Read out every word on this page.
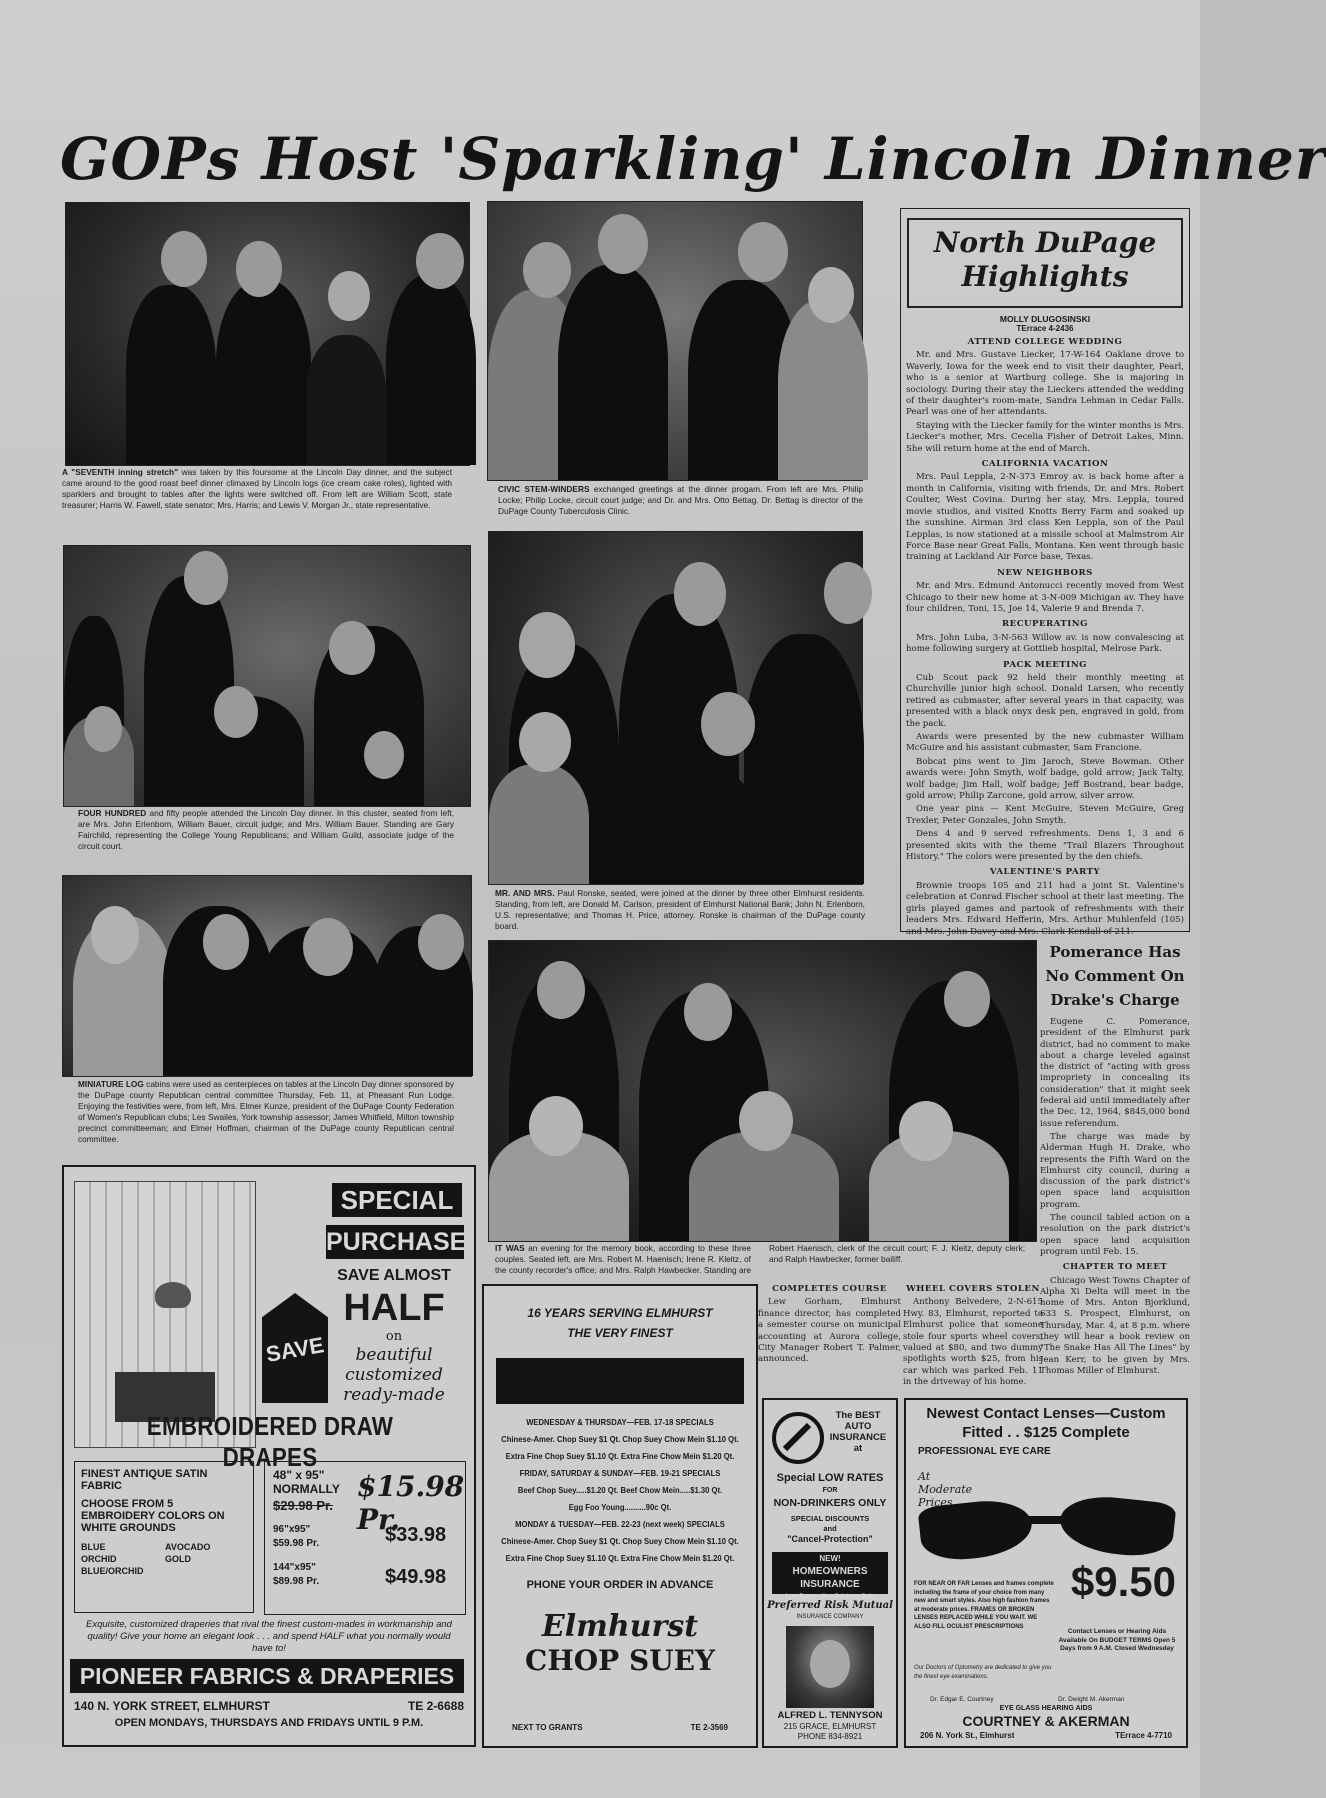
GOPs Host 'Sparkling' Lincoln Dinner
A "SEVENTH inning stretch" was taken by this foursome at the Lincoln Day dinner, and the subject came around to the good roast beef dinner climaxed by Lincoln logs (ice cream cake roles), lighted with sparklers and brought to tables after the lights were switched off. From left are William Scott, state treasurer; Harris W. Fawell, state senator; Mrs. Harris; and Lewis V. Morgan Jr., state representative.
CIVIC STEM-WINDERS exchanged greetings at the dinner progam. From left are Mrs. Philip Locke; Philip Locke, circuit court judge; and Dr. and Mrs. Otto Bettag. Dr. Bettag is director of the DuPage County Tuberculosis Clinic.
FOUR HUNDRED and fifty people attended the Lincoln Day dinner. In this cluster, seated from left, are Mrs. John Erlenborn, William Bauer, circuit judge; and Mrs. William Bauer. Standing are Gary Fairchild, representing the College Young Republicans; and William Guild, associate judge of the circuit court.
MR. AND MRS. Paul Ronske, seated, were joined at the dinner by three other Elmhurst residents. Standing, from left, are Donald M. Carlson, president of Elmhurst National Bank; John N. Erlenborn, U.S. representative; and Thomas H. Price, attorney. Ronske is chairman of the DuPage county board.
MINIATURE LOG cabins were used as centerpieces on tables at the Lincoln Day dinner sponsored by the DuPage county Republican central committee Thursday, Feb. 11, at Pheasant Run Lodge. Enjoying the festivities were, from left, Mrs. Elmer Kunze, president of the DuPage County Federation of Women's Republican clubs; Les Swailes, York township assessor; James Whitfield, Milton township precinct committeeman; and Elmer Hoffman, chairman of the DuPage county Republican central committee.
IT WAS an evening for the memory book, according to these three couples. Seated left, are Mrs. Robert M. Haenisch; Irene R. Kleitz, of the county recorder's office; and Mrs. Ralph Hawbecker. Standing are Robert Haenisch, clerk of the circuit court; F. J. Kleitz, deputy clerk; and Ralph Hawbecker, former bailiff.
North DuPage
Highlights
MOLLY DLUGOSINSKI
TErrace 4-2436
ATTEND COLLEGE WEDDING

Mr. and Mrs. Gustave Liecker, 17-W-164 Oaklane drove to Waverly, Iowa for the week end to visit their daughter, Pearl, who is a senior at Wartburg college. She is majoring in sociology. During their stay the Lieckers attended the wedding of their daughter's room-mate, Sandra Lehman in Cedar Falls. Pearl was one of her attendants.

Staying with the Liecker family for the winter months is Mrs. Liecker's mother, Mrs. Cecelia Fisher of Detroit Lakes, Minn. She will return home at the end of March.

CALIFORNIA VACATION

Mrs. Paul Leppla, 2-N-373 Emroy av. is back home after a month in California, visiting with friends, Dr. and Mrs. Robert Coulter, West Covina. During her stay, Mrs. Leppla, toured movie studios, and visited Knotts Berry Farm and soaked up the sunshine. Airman 3rd class Ken Leppla, son of the Paul Lepplas, is now stationed at a missile school at Malmstrom Air Force Base near Great Falls, Montana. Ken went through basic training at Lackland Air Force base, Texas.

NEW NEIGHBORS

Mr. and Mrs. Edmund Antonucci recently moved from West Chicago to their new home at 3-N-009 Michigan av. They have four children, Toni, 15, Joe 14, Valerie 9 and Brenda 7.

RECUPERATING

Mrs. John Luba, 3-N-563 Willow av. is now convalescing at home following surgery at Gottlieb hospital, Melrose Park.

PACK MEETING

Cub Scout pack 92 held their monthly meeting at Churchville junior high school. Donald Larsen, who recently retired as cubmaster, after several years in that capacity, was presented with a black onyx desk pen, engraved in gold, from the pack.

Awards were presented by the new cubmaster William McGuire and his assistant cubmaster, Sam Francione.

Bobcat pins went to Jim Jaroch, Steve Bowman. Other awards were: John Smyth, wolf badge, gold arrow; Jack Talty, wolf badge; Jim Hall, wolf badge; Jeff Bostrand, bear badge, gold arrow; Philip Zarcone, gold arrow, silver arrow.

One year pins — Kent McGuire, Steven McGuire, Greg Trexler, Peter Gonzales, John Smyth.

Dens 4 and 9 served refreshments. Dens 1, 3 and 6 presented skits with the theme "Trail Blazers Throughout History." The colors were presented by the den chiefs.

VALENTINE'S PARTY

Brownie troops 105 and 211 had a joint St. Valentine's celebration at Conrad Fischer school at their last meeting. The girls played games and partook of refreshments with their leaders Mrs. Edward Hefferin, Mrs. Arthur Muhlenfeld (105) and Mrs. John Davey and Mrs. Clark Kendall of 211.

Pomerance Has No Comment On Drake's Charge

Eugene C. Pomerance, president of the Elmhurst park district, had no comment to make about a charge leveled against the district of "acting with gross impropriety in concealing its consideration" that it might seek federal aid until immediately after the Dec. 12, 1964, $845,000 bond issue referendum.

The charge was made by Alderman Hugh H. Drake, who represents the Fifth Ward on the Elmhurst city council, during a discussion of the park district's open space land acquisition program.

The council tabled action on a resolution on the park district's open space land acquisition program until Feb. 15.

CHAPTER TO MEET

Chicago West Towns Chapter of Alpha Xi Delta will meet in the home of Mrs. Anton Bjorklund, 633 S. Prospect, Elmhurst, on Thursday, Mar. 4, at 8 p.m. where they will hear a book review on "The Snake Has All The Lines" by Jean Kerr, to be given by Mrs. Thomas Miller of Elmhurst.

COMPLETES COURSE

Lew Gorham, Elmhurst finance director, has completed a semester course on municipal accounting at Aurora college, City Manager Robert T. Palmer, announced.

WHEEL COVERS STOLEN

Anthony Belvedere, 2-N-615 Hwy. 83, Elmhurst, reported to Elmhurst police that someone stole four sports wheel covers, valued at $80, and two dummy spotlights worth $25, from his car which was parked Feb. 11 in the driveway of his home.

SPECIAL
PURCHASE
SAVE ALMOST
HALF
on
beautiful
customized
ready-made
SAVE
EMBROIDERED DRAW DRAPES
FINEST ANTIQUE SATIN FABRIC
CHOOSE FROM 5 EMBROIDERY COLORS ON WHITE GROUNDS
BLUE	AVOCADO
ORCHID	GOLD
BLUE/ORCHID
48" x 95"
NORMALLY
$29.98 Pr.
$15.98 Pr.
96"x95"
$59.98 Pr.	$33.98
144"x95"
$89.98 Pr.	$49.98
Exquisite, customized draperies that rival the finest custom-mades in workmanship and quality! Give your home an elegant look . . . and spend HALF what you normally would have to!
PIONEER FABRICS & DRAPERIES
140 N. YORK STREET, ELMHURST	TE 2-6688
OPEN MONDAYS, THURSDAYS AND FRIDAYS UNTIL 9 P.M.
16 YEARS SERVING ELMHURST
THE VERY FINEST
WEDNESDAY & THURSDAY—FEB. 17-18 SPECIALS
Chinese-Amer. Chop Suey $1 Qt. Chop Suey Chow Mein $1.10 Qt.
Extra Fine Chop Suey $1.10 Qt. Extra Fine Chow Mein $1.20 Qt.
FRIDAY, SATURDAY & SUNDAY—FEB. 19-21 SPECIALS
Beef Chop Suey.....$1.20 Qt. Beef Chow Mein.....$1.30 Qt.
Egg Foo Young..........90c Qt.
MONDAY & TUESDAY—FEB. 22-23 (next week) SPECIALS
Chinese-Amer. Chop Suey $1 Qt. Chop Suey Chow Mein $1.10 Qt.
Extra Fine Chop Suey $1.10 Qt. Extra Fine Chow Mein $1.20 Qt.
PHONE YOUR ORDER IN ADVANCE
Elmhurst
CHOP SUEY
NEXT TO GRANTS	TE 2-3569
The BEST AUTO INSURANCE at
Special LOW RATES
FOR
NON-DRINKERS ONLY
SPECIAL DISCOUNTS
and
"Cancel-Protection"
NEW!
HOMEOWNERS INSURANCE
Low Rates—Non Drinkers Only
Preferred Risk Mutual
INSURANCE COMPANY
ALFRED L. TENNYSON
215 GRACE, ELMHURST
PHONE 834-8921
Newest Contact Lenses—Custom Fitted . . $125 Complete
PROFESSIONAL EYE CARE
At Moderate Prices
$9.50
FOR NEAR OR FAR Lenses and frames complete including the frame of your choice from many new and smart styles. Also high fashion frames at moderate prices. FRAMES OR BROKEN LENSES REPLACED WHILE YOU WAIT. WE ALSO FILL OCULIST PRESCRIPTIONS
Our Doctors of Optometry are dedicated to give you the finest eye examinations.
Contact Lenses or Hearing Aids Available On BUDGET TERMS Open 5 Days from 9 A.M. Closed Wednesday
Dr. Edgar E. Courtney	Dr. Dwight M. Akerman
EYE GLASS HEARING AIDS
COURTNEY & AKERMAN
206 N. York St., Elmhurst	TErrace 4-7710
